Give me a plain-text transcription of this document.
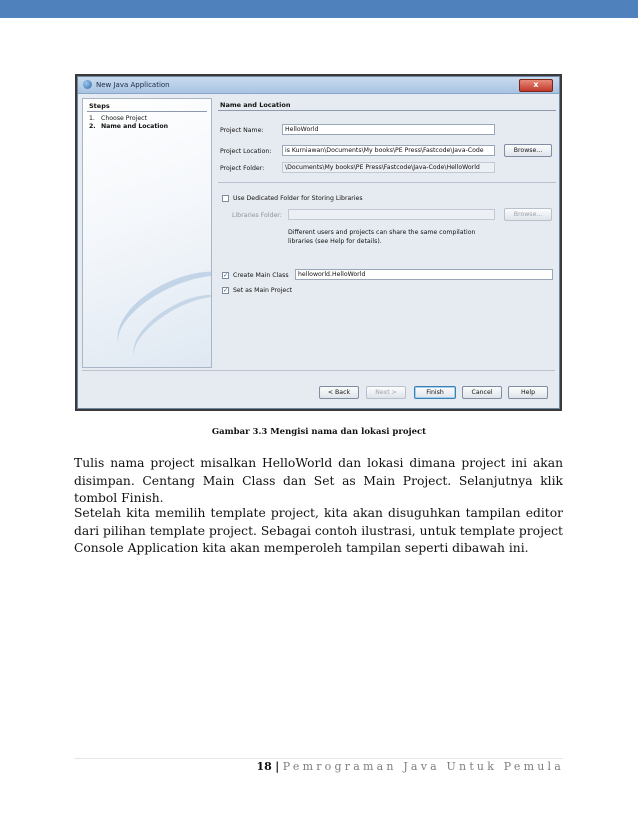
New Java Application	x
Steps
1. Choose Project
2. Name and Location
Name and Location
Project Name:	HelloWorld
Project Location:	is Kurniawan\Documents\My books\PE Press\Fastcode\Java-Code	Browse...
Project Folder:	\Documents\My books\PE Press\Fastcode\Java-Code\HelloWorld
Use Dedicated Folder for Storing Libraries
Libraries Folder:	Browse...
Different users and projects can share the same compilation
libraries (see Help for details).
✓ Create Main Class	helloworld.HelloWorld
✓ Set as Main Project
< Back	Next >	Finish	Cancel	Help
Gambar 3.3 Mengisi nama dan lokasi project
Tulis nama project misalkan HelloWorld dan lokasi dimana project ini akan disimpan. Centang Main Class dan Set as Main Project. Selanjutnya klik tombol Finish.
Setelah kita memilih template project, kita akan disuguhkan tampilan editor dari pilihan template project. Sebagai contoh ilustrasi, untuk template project Console Application kita akan memperoleh tampilan seperti dibawah ini.
18 | Pemrograman Java Untuk Pemula
